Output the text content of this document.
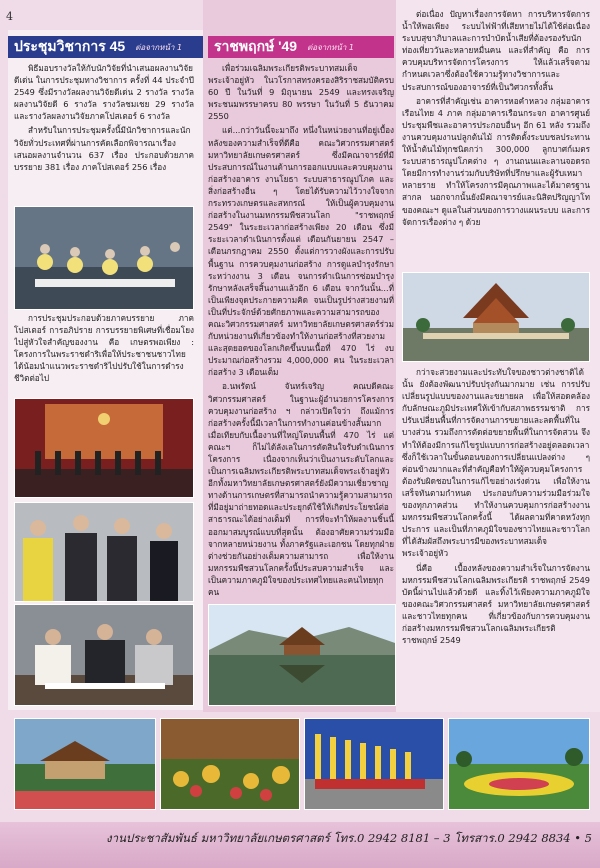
4
ประชุมวิชาการ 45	ต่อจากหน้า 1	ราชพฤกษ์ '49	ต่อจากหน้า 1

พิธีมอบรางวัลให้กับนักวิจัยที่นำเสนอผลงานวิจัยดีเด่น ในการประชุมทางวิชาการ ครั้งที่ 44 ประจำปี 2549 ซึ่งมีรางวัลผลงานวิจัยดีเด่น 2 รางวัล รางวัลผลงานวิจัยดี 6 รางวัล รางวัลชมเชย 29 รางวัล และรางวัลผลงานวิจัยภาคโปสเตอร์ 6 รางวัล

สำหรับในการประชุมครั้งนี้มีนักวิชาการและนักวิจัยทั่วประเทศที่ผ่านการคัดเลือกพิจารณาเรื่องเสนอผลงานจำนวน 637 เรื่อง ประกอบด้วยภาคบรรยาย 381 เรื่อง ภาคโปสเตอร์ 256 เรื่อง

การประชุมประกอบด้วยภาคบรรยาย ภาคโปสเตอร์ การอภิปราย การบรรยายพิเศษที่เชื่อมโยงไปสู่หัวใจสำคัญของงาน คือ เกษตรพอเพียง : โครงการในพระราชดำริเพื่อให้ประชาชนชาวไทยได้น้อมนำแนวพระราชดำริไปปรับใช้ในการดำรงชีวิตต่อไป

เพื่อร่วมเฉลิมพระเกียรติพระบาทสมเด็จพระเจ้าอยู่หัว ในวโรกาสทรงครองสิริราชสมบัติครบ 60 ปี ในวันที่ 9 มิถุนายน 2549 และทรงเจริญพระชนมพรรษาครบ 80 พรรษา ในวันที่ 5 ธันวาคม 2550

แต่...กว่าวันนี้จะมาถึง หนึ่งในหน่วยงานที่อยู่เบื้องหลังของความสำเร็จที่ดีคือ คณะวิศวกรรมศาสตร์ มหาวิทยาลัยเกษตรศาสตร์ ซึ่งมีคณาจารย์ที่มีประสบการณ์ในงานด้านการออกแบบและควบคุมงานก่อสร้างอาคาร งานโยธา ระบบสาธารณูปโภค และสิ่งก่อสร้างอื่น ๆ โดยได้รับความไว้วางใจจาก กระทรวงเกษตรและสหกรณ์ ให้เป็นผู้ควบคุมงานก่อสร้างในงานมหกรรมพืชสวนโลก "ราชพฤกษ์ 2549" ในระยะเวลาก่อสร้างเพียง 20 เดือน ซึ่งมีระยะเวลาดำเนินการตั้งแต่ เดือนกันยายน 2547 – เดือนกรกฎาคม 2550 ตั้งแต่การวางผังและการปรับพื้นฐาน การควบคุมงานก่อสร้าง การดูแลบำรุงรักษาระหว่างงาน 3 เดือน จนการดำเนินการซ่อมบำรุงรักษาหลังเสร็จสิ้นงานแล้วอีก 6 เดือน จากวันนั้น...ที่เป็นเพียงจุดประกายความคิด จนเป็นรูปร่างสวยงามที่เป็นที่ประจักษ์ด้วยศักยภาพและความสามารถของคณะวิศวกรรมศาสตร์ มหาวิทยาลัยเกษตรศาสตร์ร่วมกับหน่วยงานที่เกี่ยวข้องทำให้งานก่อสร้างที่สวยงามและสุดยอดของโลกเกิดขึ้นบนเนื้อที่ 470 ไร่ งบประมาณก่อสร้างรวม 4,000,000 คน ในระยะเวลาก่อสร้าง 3 เดือนเต็ม

อ.นพรัตน์ จันทร์เจริญ คณบดีคณะวิศวกรรมศาสตร์ ในฐานะผู้อำนวยการโครงการควบคุมงานก่อสร้าง ฯ กล่าวเปิดใจว่า ถึงแม้การก่อสร้างครั้งนี้มีเวลาในการทำงานค่อนข้างสั้นมากเมื่อเทียบกับเนื้องานที่ใหญ่โตบนพื้นที่ 470 ไร่ แต่คณะฯ ก็ไม่ได้ลังเลในการตัดสินใจรับดำเนินการโครงการ เนื่องจากเห็นว่าเป็นงานระดับโลกและเป็นการเฉลิมพระเกียรติพระบาทสมเด็จพระเจ้าอยู่หัว อีกทั้งมหาวิทยาลัยเกษตรศาสตร์ยังมีความเชี่ยวชาญทางด้านการเกษตรที่สามารถนำความรู้ความสามารถที่มีอยู่มาถ่ายทอดและประยุกต์ใช้ให้เกิดประโยชน์ต่อสาธารณะได้อย่างเต็มที่ การที่จะทำให้ผลงานชิ้นนี้ออกมาสมบูรณ์แบบที่สุดนั้น ต้องอาศัยความร่วมมือจากหลายหน่วยงาน ทั้งภาครัฐและเอกชน โดยทุกฝ่ายต่างช่วยกันอย่างเต็มความสามารถ เพื่อให้งานมหกรรมพืชสวนโลกครั้งนี้ประสบความสำเร็จ และเป็นความภาคภูมิใจของประเทศไทยและคนไทยทุกคน

ต่อเนื่อง ปัญหาเรื่องการจัดหา การบริหารจัดการน้ำให้พอเพียง ระบบไฟฟ้าที่เสียหายไม่ได้ใช้ต่อเนื่อง ระบบสุขาภิบาลและการบำบัดน้ำเสียที่ต้องรองรับนักท่องเที่ยววันละหลายหมื่นคน และที่สำคัญ คือ การควบคุมบริหารจัดการโครงการ ให้แล้วเสร็จตามกำหนดเวลาซึ่งต้องใช้ความรู้ทางวิชาการและประสบการณ์ของอาจารย์ที่เป็นวิศวกรทั้งสิ้น

อาคารที่สำคัญเช่น อาคารหอคำหลวง กลุ่มอาคารเรือนไทย 4 ภาค กลุ่มอาคารเรือนกระจก อาคารศูนย์ประชุมพืชและอาคารประกอบอื่นๆ อีก 61 หลัง รวมถึงงานควบคุมงานปลูกต้นไม้ การติดตั้งระบบชลประทานให้น้ำต้นไม้ทุกชนิดกว่า 300,000 ลูกบาศก์เมตร ระบบสาธารณูปโภคต่าง ๆ งานถนนและลานจอดรถ โดยมีการทำงานร่วมกับบริษัทที่ปรึกษาและผู้รับเหมาหลายราย ทำให้โครงการมีคุณภาพและได้มาตรฐานสากล นอกจากนั้นยังมีคณาจารย์และนิสิตปริญญาโทของคณะฯ ดูแลในส่วนของการวางแผนระบบ และการจัดการเรื่องต่าง ๆ ด้วย

กว่าจะสวยงามและประทับใจของชาวต่างชาติได้นั้น ยังต้องพัฒนาปรับปรุงกันมากมาย เช่น การปรับเปลี่ยนรูปแบบของงานและขยายผล เพื่อให้สอดคล้องกับลักษณะภูมิประเทศให้เข้ากับสภาพธรรมชาติ การปรับเปลี่ยนพื้นที่การจัดงานการขยายและลดพื้นที่ในบางส่วน รวมถึงการตัดต่อขยายพื้นที่ในการจัดสวน จึงทำให้ต้องมีการแก้ไขรูปแบบการก่อสร้างอยู่ตลอดเวลา ซึ่งก็ใช้เวลาในขั้นตอนของการเปลี่ยนแปลงต่าง ๆ ค่อนข้างมากและที่สำคัญคือทำให้ผู้ควบคุมโครงการต้องรับผิดชอบในการแก้ไขอย่างเร่งด่วน เพื่อให้งานเสร็จทันตามกำหนด ประกอบกับความร่วมมือร่วมใจของทุกภาคส่วน ทำให้งานควบคุมการก่อสร้างงานมหกรรมพืชสวนโลกครั้งนี้ ได้ผลตามที่คาดหวังทุกประการ และเป็นที่ภาคภูมิใจของชาวไทยและชาวโลก ที่ได้สัมผัสถึงพระบารมีของพระบาทสมเด็จพระเจ้าอยู่หัว

นี่คือ เบื้องหลังของความสำเร็จในการจัดงานมหกรรมพืชสวนโลกเฉลิมพระเกียรติ ราชพฤกษ์ 2549 บัดนี้ผ่านไปแล้วด้วยดี และทิ้งไว้เพียงความภาคภูมิใจของคณะวิศวกรรมศาสตร์ มหาวิทยาลัยเกษตรศาสตร์ และชาวไทยทุกคน ที่เกี่ยวข้องกับการควบคุมงานก่อสร้างมหกรรมพืชสวนโลกเฉลิมพระเกียรติ ราชพฤกษ์ 2549

งานประชาสัมพันธ์ มหาวิทยาลัยเกษตรศาสตร์ โทร.0 2942 8181 – 3 โทรสาร.0 2942 8834 • 5
